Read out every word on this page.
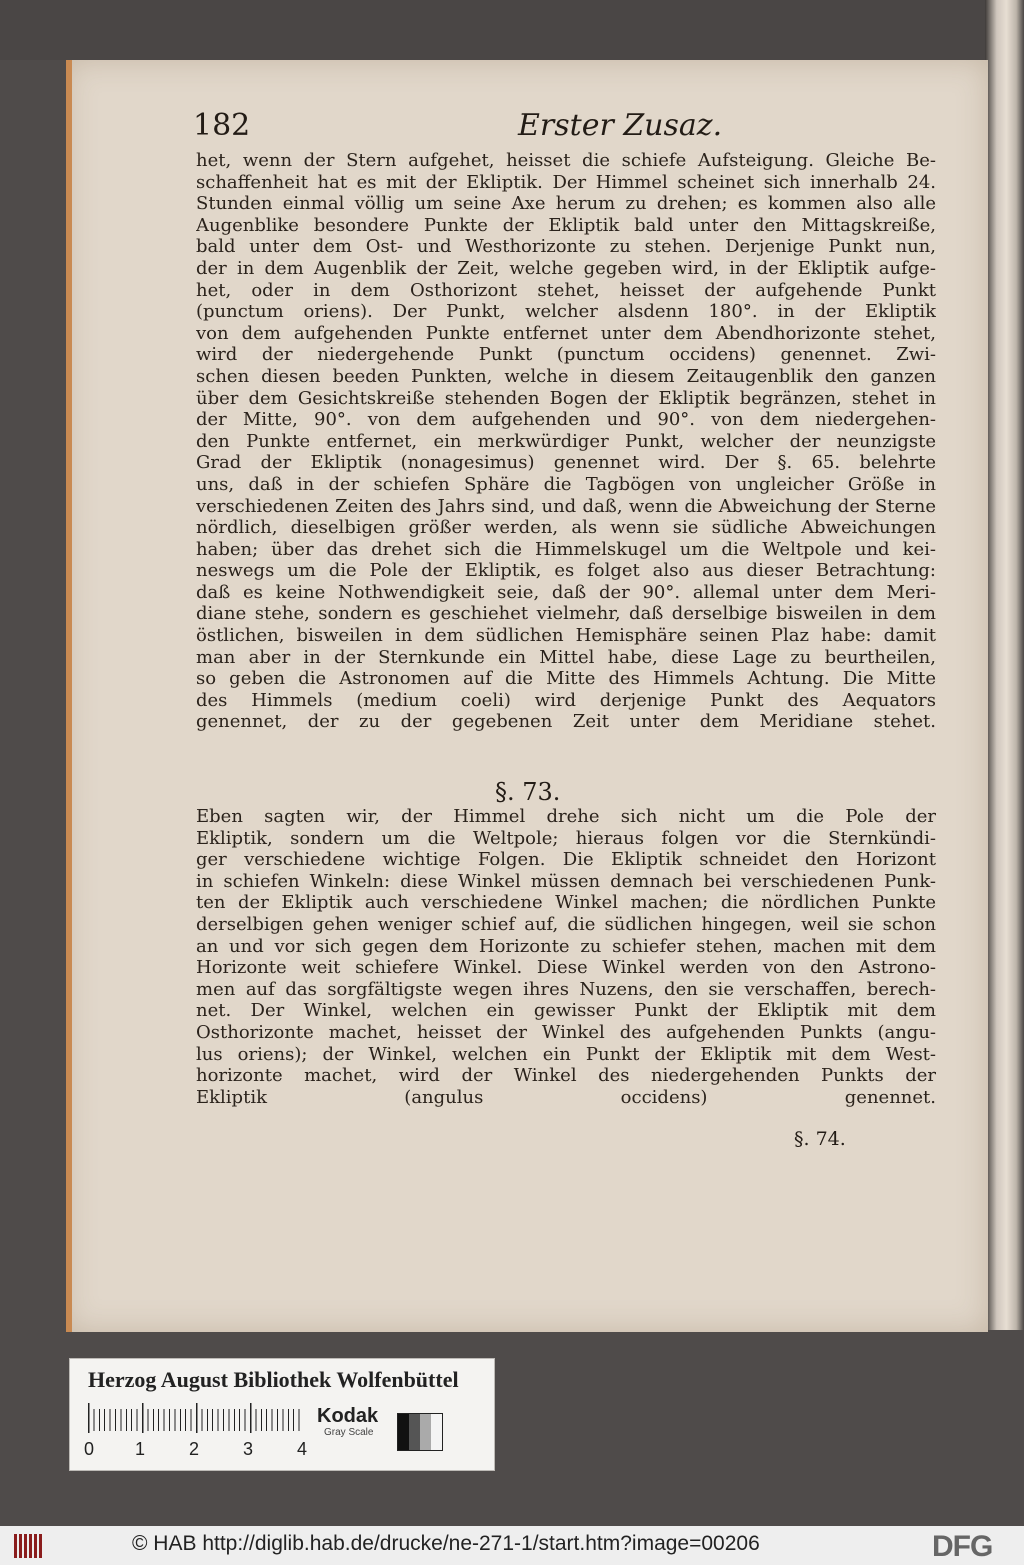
182	Erster Zusaz.
het, wenn der Stern aufgehet, heisset die schiefe Aufsteigung. Gleiche Be-
schaffenheit hat es mit der Ekliptik. Der Himmel scheinet sich innerhalb 24.
Stunden einmal völlig um seine Axe herum zu drehen; es kommen also alle
Augenblike besondere Punkte der Ekliptik bald unter den Mittagskreiße,
bald unter dem Ost- und Westhorizonte zu stehen. Derjenige Punkt nun,
der in dem Augenblik der Zeit, welche gegeben wird, in der Ekliptik aufge-
het, oder in dem Osthorizont stehet, heisset der aufgehende Punkt
(punctum oriens). Der Punkt, welcher alsdenn 180°. in der Ekliptik
von dem aufgehenden Punkte entfernet unter dem Abendhorizonte stehet,
wird der niedergehende Punkt (punctum occidens) genennet. Zwi-
schen diesen beeden Punkten, welche in diesem Zeitaugenblik den ganzen
über dem Gesichtskreiße stehenden Bogen der Ekliptik begränzen, stehet in
der Mitte, 90°. von dem aufgehenden und 90°. von dem niedergehen-
den Punkte entfernet, ein merkwürdiger Punkt, welcher der neunzigste
Grad der Ekliptik (nonagesimus) genennet wird. Der §. 65. belehrte
uns, daß in der schiefen Sphäre die Tagbögen von ungleicher Größe in
verschiedenen Zeiten des Jahrs sind, und daß, wenn die Abweichung der Sterne
nördlich, dieselbigen größer werden, als wenn sie südliche Abweichungen
haben; über das drehet sich die Himmelskugel um die Weltpole und kei-
neswegs um die Pole der Ekliptik, es folget also aus dieser Betrachtung:
daß es keine Nothwendigkeit seie, daß der 90°. allemal unter dem Meri-
diane stehe, sondern es geschiehet vielmehr, daß derselbige bisweilen in dem
östlichen, bisweilen in dem südlichen Hemisphäre seinen Plaz habe: damit
man aber in der Sternkunde ein Mittel habe, diese Lage zu beurtheilen,
so geben die Astronomen auf die Mitte des Himmels Achtung. Die Mitte
des Himmels (medium coeli) wird derjenige Punkt des Aequators
genennet, der zu der gegebenen Zeit unter dem Meridiane stehet.
§. 73.
Eben sagten wir, der Himmel drehe sich nicht um die Pole der
Ekliptik, sondern um die Weltpole; hieraus folgen vor die Sternkündi-
ger verschiedene wichtige Folgen. Die Ekliptik schneidet den Horizont
in schiefen Winkeln: diese Winkel müssen demnach bei verschiedenen Punk-
ten der Ekliptik auch verschiedene Winkel machen; die nördlichen Punkte
derselbigen gehen weniger schief auf, die südlichen hingegen, weil sie schon
an und vor sich gegen dem Horizonte zu schiefer stehen, machen mit dem
Horizonte weit schiefere Winkel. Diese Winkel werden von den Astrono-
men auf das sorgfältigste wegen ihres Nuzens, den sie verschaffen, berech-
net. Der Winkel, welchen ein gewisser Punkt der Ekliptik mit dem
Osthorizonte machet, heisset der Winkel des aufgehenden Punkts (angu-
lus oriens); der Winkel, welchen ein Punkt der Ekliptik mit dem West-
horizonte machet, wird der Winkel des niedergehenden Punkts der
Ekliptik (angulus occidens) genennet.
§. 74.
Herzog August Bibliothek Wolfenbüttel
0 1 2 3 4
Kodak
Gray Scale
© HAB http://diglib.hab.de/drucke/ne-271-1/start.htm?image=00206	DFG
